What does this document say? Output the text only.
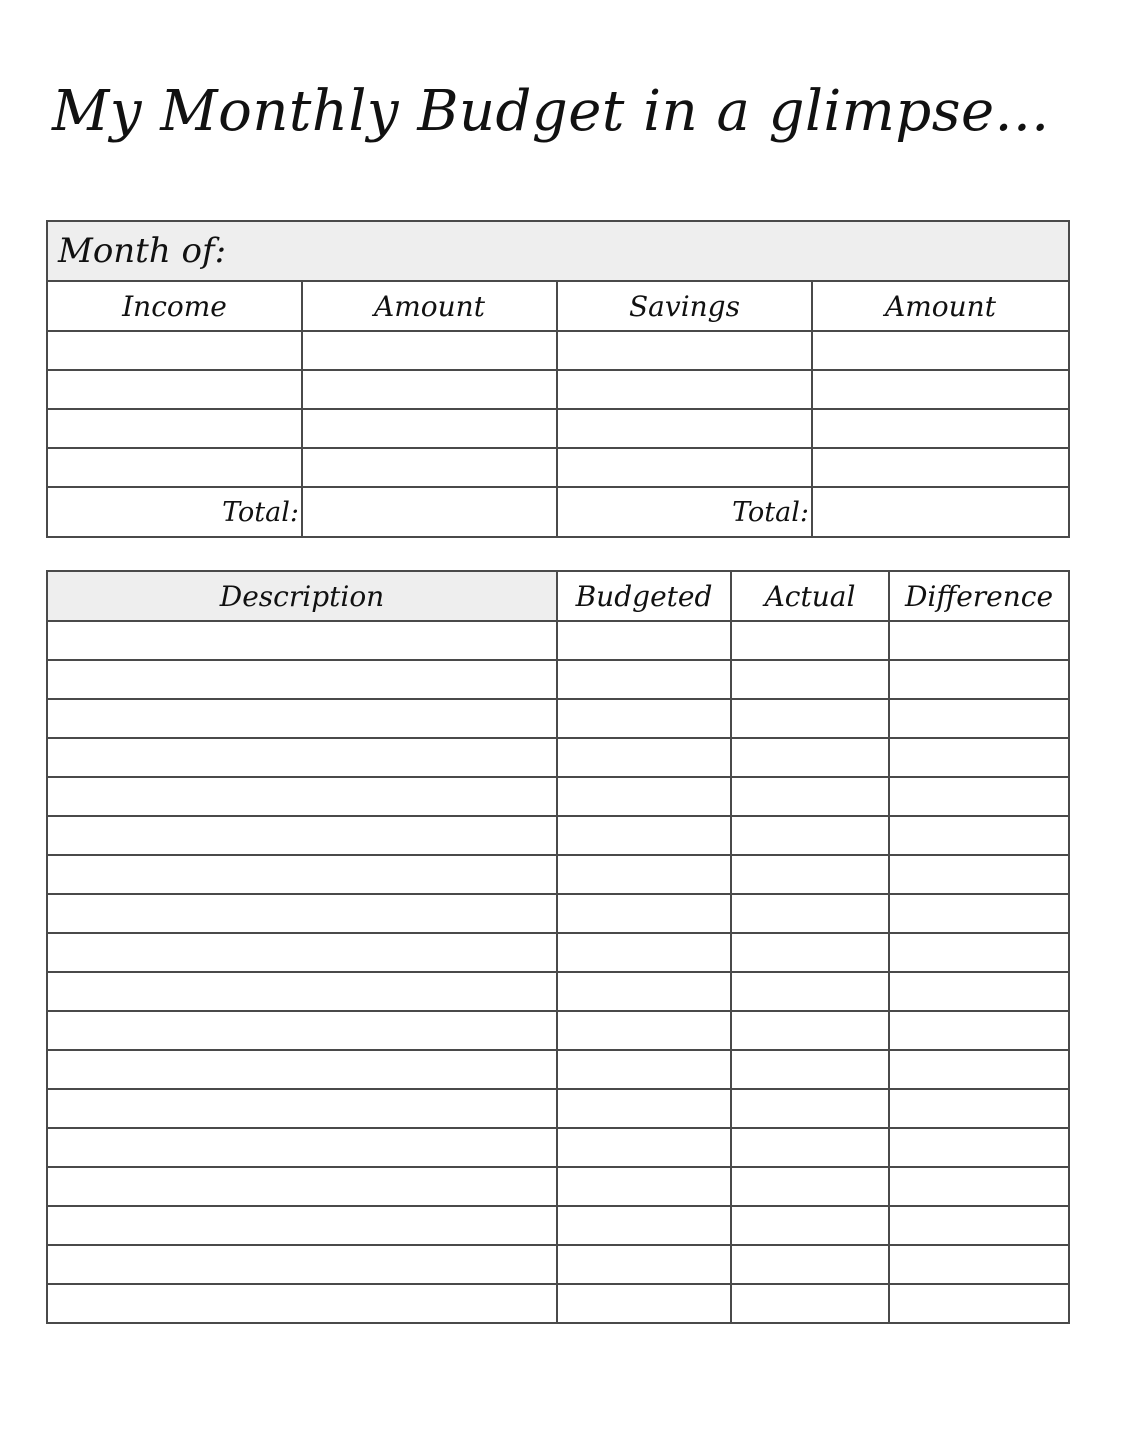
My Monthly Budget in a glimpse...
Month of:			
Income	Amount	Savings	Amount

Total:		Total:	
Description	Budgeted	Actual	Difference
